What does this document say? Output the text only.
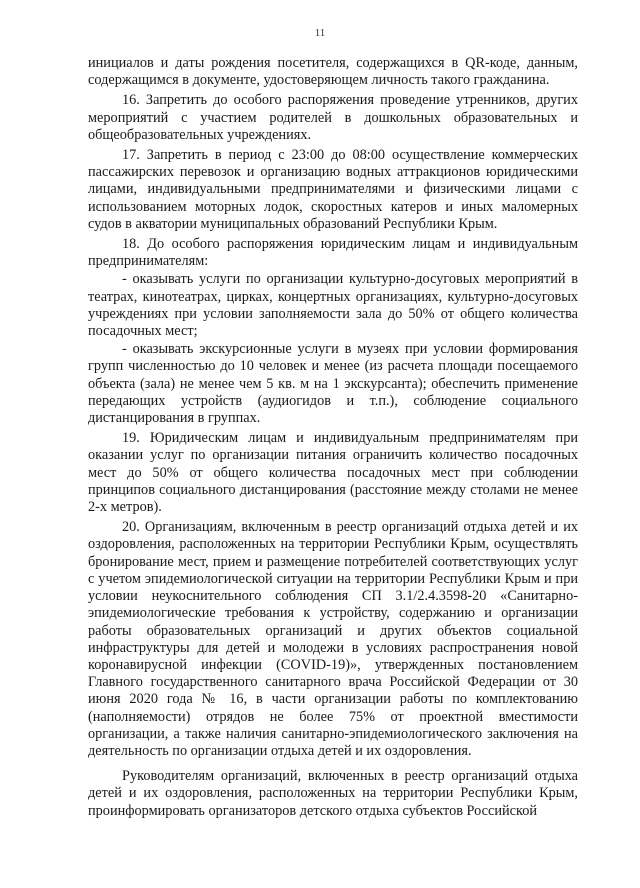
11

инициалов и даты рождения посетителя, содержащихся в QR-коде, данным, содержащимся в документе, удостоверяющем личность такого гражданина.

16. Запретить до особого распоряжения проведение утренников, других мероприятий с участием родителей в дошкольных образовательных и общеобразовательных учреждениях.

17. Запретить в период с 23:00 до 08:00 осуществление коммерческих пассажирских перевозок и организацию водных аттракционов юридическими лицами, индивидуальными предпринимателями и физическими лицами с использованием моторных лодок, скоростных катеров и иных маломерных судов в акватории муниципальных образований Республики Крым.

18. До особого распоряжения юридическим лицам и индивидуальным предпринимателям:

- оказывать услуги по организации культурно-досуговых мероприятий в театрах, кинотеатрах, цирках, концертных организациях, культурно-досуговых учреждениях при условии заполняемости зала до 50% от общего количества посадочных мест;

- оказывать экскурсионные услуги в музеях при условии формирования групп численностью до 10 человек и менее (из расчета площади посещаемого объекта (зала) не менее чем 5 кв. м на 1 экскурсанта); обеспечить применение передающих устройств (аудиогидов и т.п.), соблюдение социального дистанцирования в группах.

19. Юридическим лицам и индивидуальным предпринимателям при оказании услуг по организации питания ограничить количество посадочных мест до 50% от общего количества посадочных мест при соблюдении принципов социального дистанцирования (расстояние между столами не менее 2-х метров).

20. Организациям, включенным в реестр организаций отдыха детей и их оздоровления, расположенных на территории Республики Крым, осуществлять бронирование мест, прием и размещение потребителей соответствующих услуг с учетом эпидемиологической ситуации на территории Республики Крым и при условии неукоснительного соблюдения СП 3.1/2.4.3598-20 «Санитарно-эпидемиологические требования к устройству, содержанию и организации работы образовательных организаций и других объектов социальной инфраструктуры для детей и молодежи в условиях распространения новой коронавирусной инфекции (COVID-19)», утвержденных постановлением Главного государственного санитарного врача Российской Федерации от 30 июня 2020 года № 16, в части организации работы по комплектованию (наполняемости) отрядов не более 75% от проектной вместимости организации, а также наличия санитарно-эпидемиологического заключения на деятельность по организации отдыха детей и их оздоровления.

Руководителям организаций, включенных в реестр организаций отдыха детей и их оздоровления, расположенных на территории Республики Крым, проинформировать организаторов детского отдыха субъектов Российской
